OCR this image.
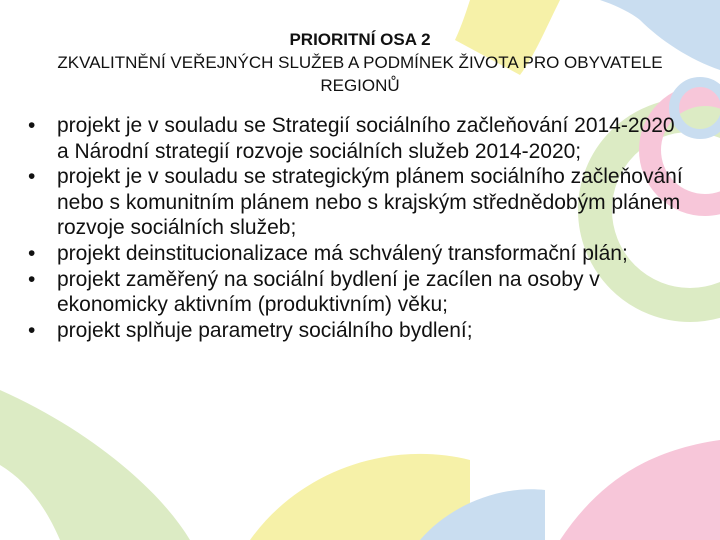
PRIORITNÍ OSA 2
ZKVALITNĚNÍ VEŘEJNÝCH SLUŽEB A PODMÍNEK ŽIVOTA PRO OBYVATELE REGIONŮ
• projekt je v souladu se Strategií sociálního začleňování 2014-2020 a Národní strategií rozvoje sociálních služeb 2014-2020;
• projekt je v souladu se strategickým plánem sociálního začleňování nebo s komunitním plánem nebo s krajským střednědobým plánem rozvoje sociálních služeb;
• projekt deinstitucionalizace má schválený transformační plán;
• projekt zaměřený na sociální bydlení je zacílen na osoby v ekonomicky aktivním (produktivním) věku;
• projekt splňuje parametry sociálního bydlení;
